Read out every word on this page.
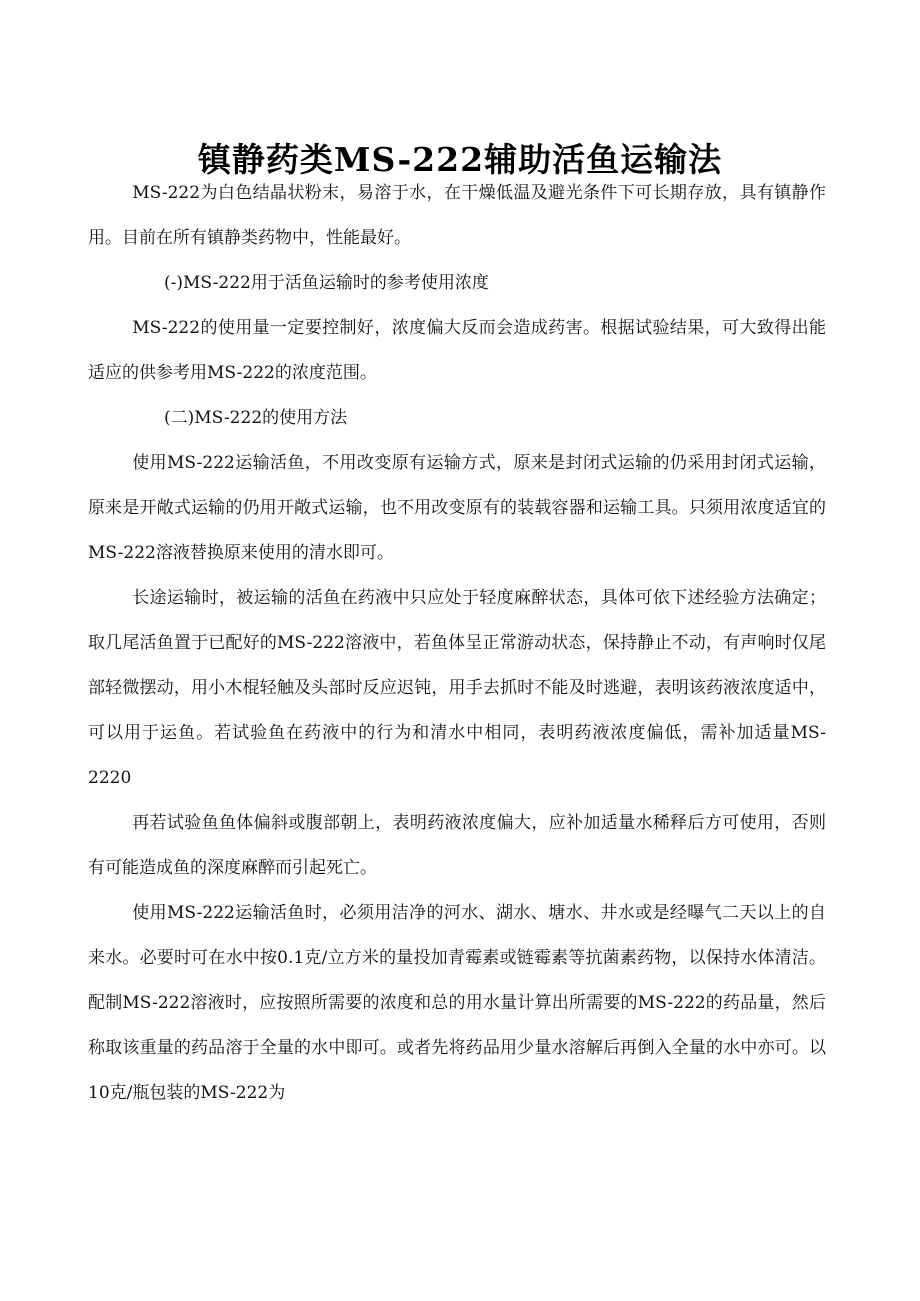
镇静药类MS-222辅助活鱼运输法

MS-222为白色结晶状粉末，易溶于水，在干燥低温及避光条件下可长期存放，具有镇静作用。目前在所有镇静类药物中，性能最好。

(-)MS-222用于活鱼运输时的参考使用浓度

MS-222的使用量一定要控制好，浓度偏大反而会造成药害。根据试验结果，可大致得出能适应的供参考用MS-222的浓度范围。

(二)MS-222的使用方法

使用MS-222运输活鱼，不用改变原有运输方式，原来是封闭式运输的仍采用封闭式运输，原来是开敞式运输的仍用开敞式运输，也不用改变原有的装载容器和运输工具。只须用浓度适宜的MS-222溶液替换原来使用的清水即可。

长途运输时，被运输的活鱼在药液中只应处于轻度麻醉状态，具体可依下述经验方法确定；取几尾活鱼置于已配好的MS-222溶液中，若鱼体呈正常游动状态，保持静止不动，有声响时仅尾部轻微摆动，用小木棍轻触及头部时反应迟钝，用手去抓时不能及时逃避，表明该药液浓度适中，可以用于运鱼。若试验鱼在药液中的行为和清水中相同，表明药液浓度偏低，需补加适量MS-2220

再若试验鱼鱼体偏斜或腹部朝上，表明药液浓度偏大，应补加适量水稀释后方可使用，否则有可能造成鱼的深度麻醉而引起死亡。

使用MS-222运输活鱼时，必须用洁净的河水、湖水、塘水、井水或是经曝气二天以上的自来水。必要时可在水中按0.1克/立方米的量投加青霉素或链霉素等抗菌素药物，以保持水体清洁。配制MS-222溶液时，应按照所需要的浓度和总的用水量计算出所需要的MS-222的药品量，然后称取该重量的药品溶于全量的水中即可。或者先将药品用少量水溶解后再倒入全量的水中亦可。以10克/瓶包装的MS-222为
